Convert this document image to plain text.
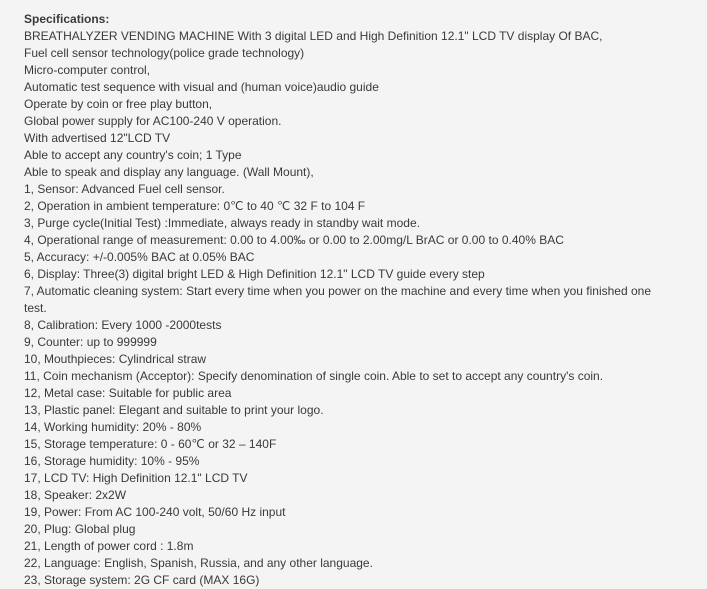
Specifications:
BREATHALYZER VENDING MACHINE With 3 digital LED and High Definition 12.1" LCD TV display Of BAC,
Fuel cell sensor technology(police grade technology)
Micro-computer control,
Automatic test sequence with visual and (human voice)audio guide
Operate by coin or free play button,
Global power supply for AC100-240 V operation.
With advertised 12"LCD TV
Able to accept any country's coin; 1 Type
Able to speak and display any language. (Wall Mount),
1, Sensor: Advanced Fuel cell sensor.
2, Operation in ambient temperature: 0℃ to 40 ℃ 32 F to 104 F
3, Purge cycle(Initial Test) :Immediate, always ready in standby wait mode.
4, Operational range of measurement: 0.00 to 4.00‰ or 0.00 to 2.00mg/L BrAC or 0.00 to 0.40% BAC
5, Accuracy: +/-0.005% BAC at 0.05% BAC
6, Display: Three(3) digital bright LED & High Definition 12.1" LCD TV guide every step
7, Automatic cleaning system: Start every time when you power on the machine and every time when you finished one test.
8, Calibration: Every 1000 -2000tests
9, Counter: up to 999999
10, Mouthpieces: Cylindrical straw
11, Coin mechanism (Acceptor): Specify denomination of single coin. Able to set to accept any country's coin.
12, Metal case: Suitable for public area
13, Plastic panel: Elegant and suitable to print your logo.
14, Working humidity: 20% - 80%
15, Storage temperature: 0 - 60℃ or 32 – 140F
16, Storage humidity: 10% - 95%
17, LCD TV: High Definition 12.1" LCD TV
18, Speaker: 2x2W
19, Power: From AC 100-240 volt, 50/60 Hz input
20, Plug: Global plug
21, Length of power cord : 1.8m
22, Language: English, Spanish, Russia, and any other language.
23, Storage system: 2G CF card (MAX 16G)
